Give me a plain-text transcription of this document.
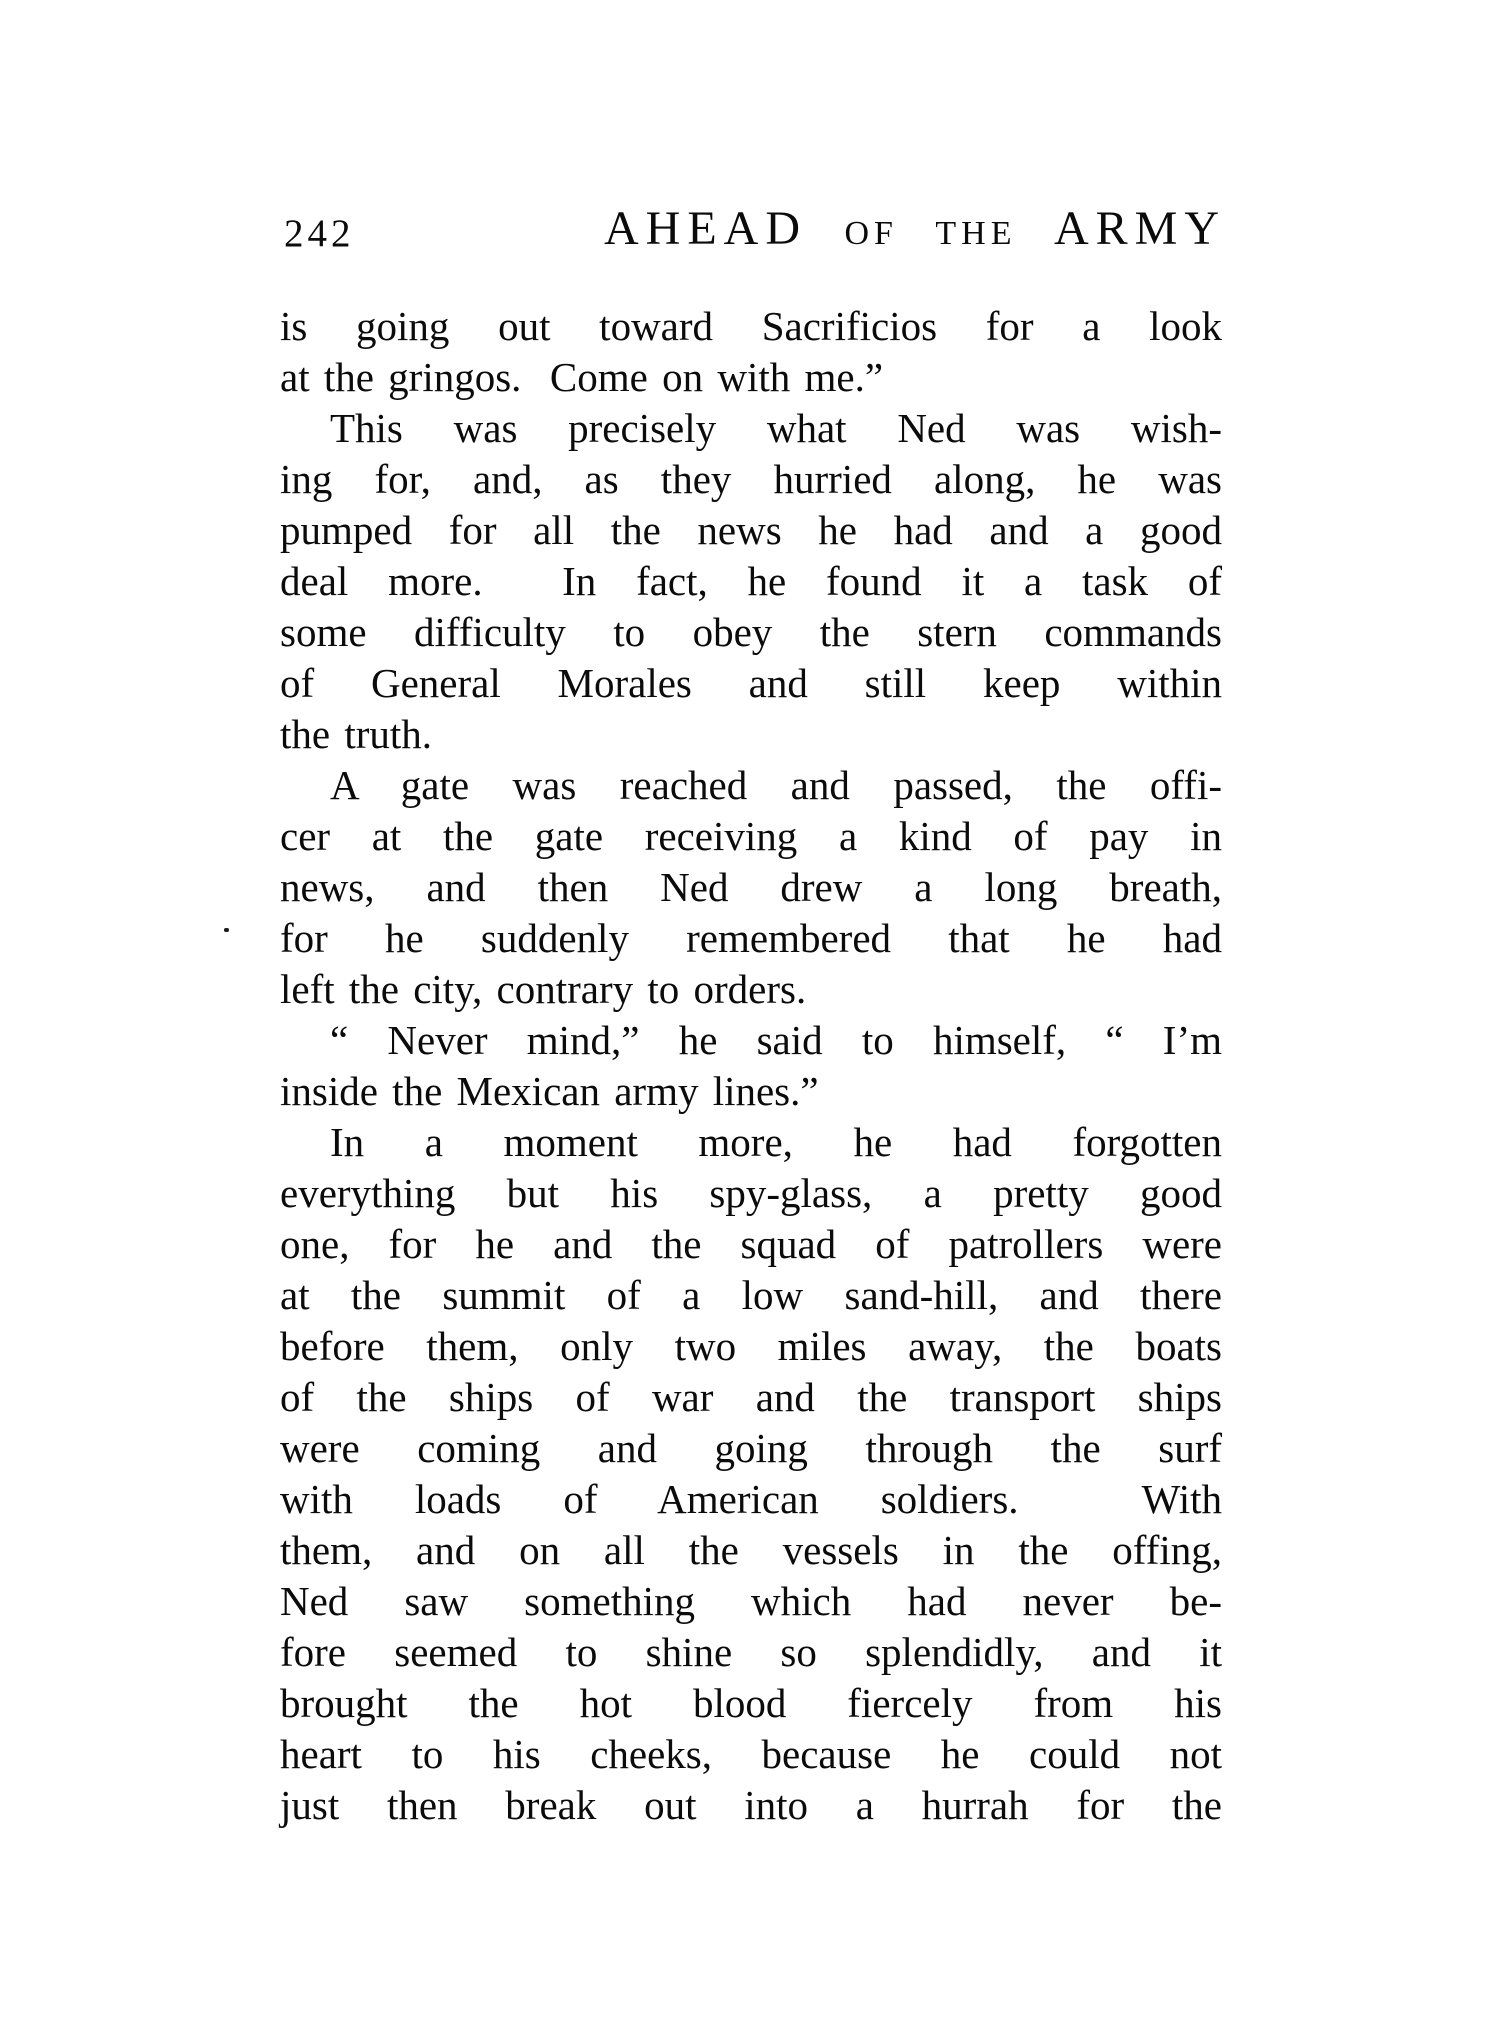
242	AHEAD OF THE ARMY
is going out toward Sacrificios for a look
at the gringos.  Come on with me.”
This was precisely what Ned was wish-
ing for, and, as they hurried along, he was
pumped for all the news he had and a good
deal more.  In fact, he found it a task of
some difficulty to obey the stern commands
of General Morales and still keep within
the truth.
A gate was reached and passed, the offi-
cer at the gate receiving a kind of pay in
news, and then Ned drew a long breath,
for he suddenly remembered that he had
left the city, contrary to orders.
“ Never mind,” he said to himself, “ I’m
inside the Mexican army lines.”
In a moment more, he had forgotten
everything but his spy-glass, a pretty good
one, for he and the squad of patrollers were
at the summit of a low sand-hill, and there
before them, only two miles away, the boats
of the ships of war and the transport ships
were coming and going through the surf
with loads of American soldiers.  With
them, and on all the vessels in the offing,
Ned saw something which had never be-
fore seemed to shine so splendidly, and it
brought the hot blood fiercely from his
heart to his cheeks, because he could not
just then break out into a hurrah for the
